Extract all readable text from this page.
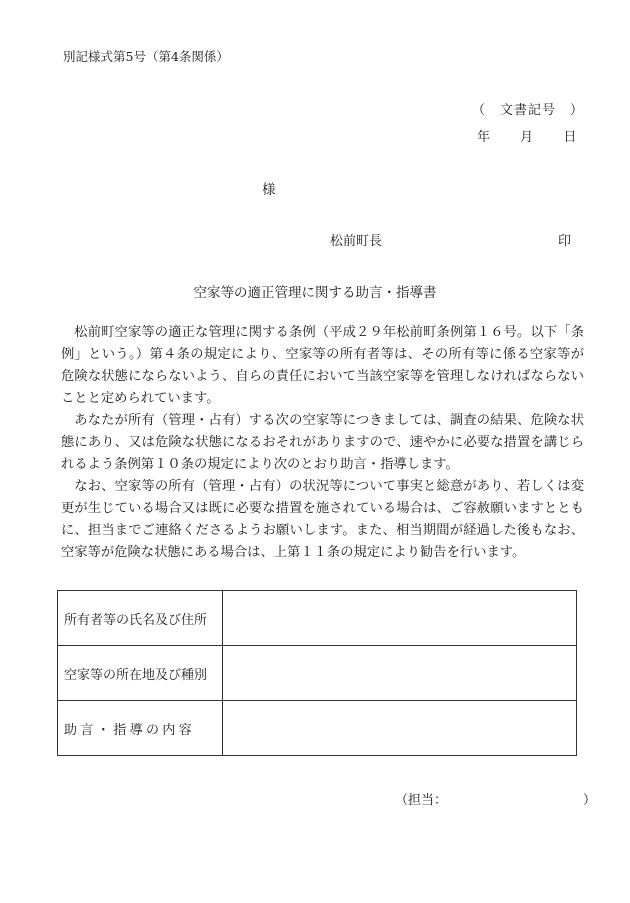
別記様式第5号（第4条関係）
（　文書記号　）
年 月 日
様
松前町長	印
空家等の適正管理に関する助言・指導書

松前町空家等の適正な管理に関する条例（平成２９年松前町条例第１６号。以下「条例」という。）第４条の規定により、空家等の所有者等は、その所有等に係る空家等が危険な状態にならないよう、自らの責任において当該空家等を管理しなければならないことと定められています。

あなたが所有（管理・占有）する次の空家等につきましては、調査の結果、危険な状態にあり、又は危険な状態になるおそれがありますので、速やかに必要な措置を講じられるよう条例第１０条の規定により次のとおり助言・指導します。

なお、空家等の所有（管理・占有）の状況等について事実と総意があり、若しくは変更が生じている場合又は既に必要な措置を施されている場合は、ご容赦願いますとともに、担当までご連絡くださるようお願いします。また、相当期間が経過した後もなお、空家等が危険な状態にある場合は、上第１１条の規定により勧告を行います。

所有者等の氏名及び住所	
空家等の所在地及び種別	
助言・指導の内容	
（担当：	）
